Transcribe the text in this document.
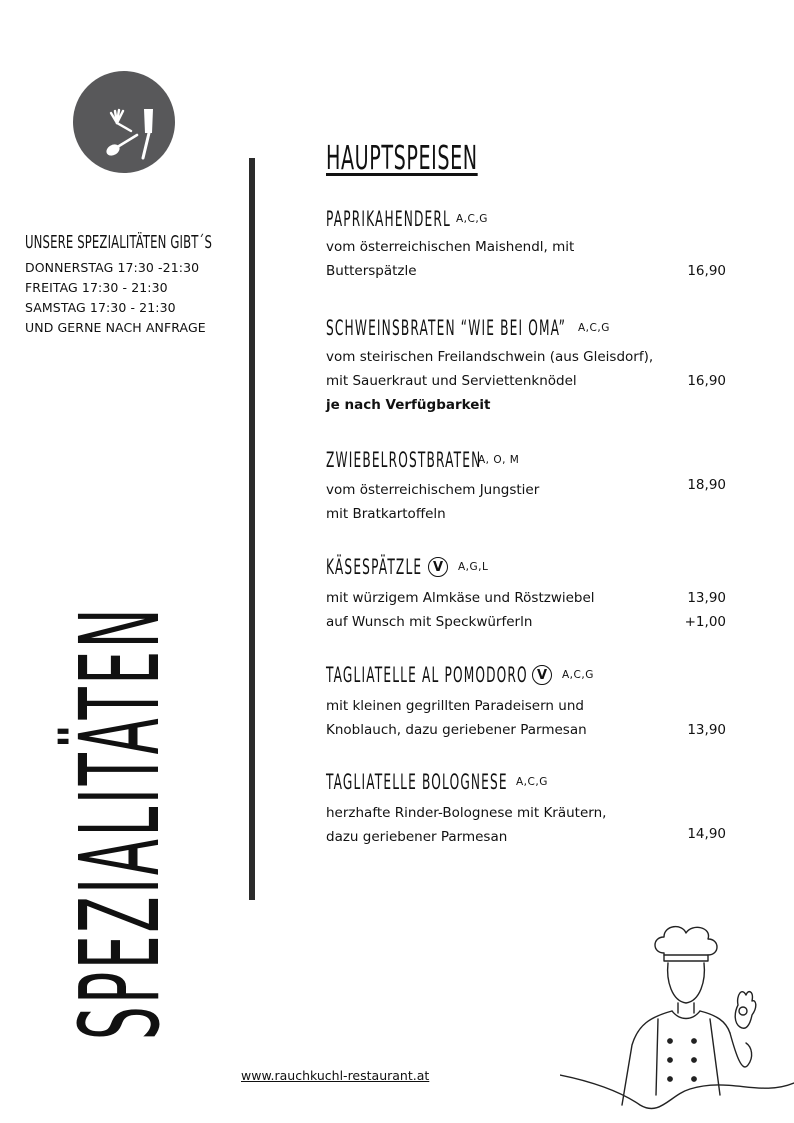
UNSERE SPEZIALITÄTEN GIBT´S
DONNERSTAG 17:30 -21:30
FREITAG 17:30 - 21:30
SAMSTAG 17:30 - 21:30
UND GERNE NACH ANFRAGE
SPEZIALITÄTEN
HAUPTSPEISEN
PAPRIKAHENDERL A,C,G
vom österreichischen Maishendl, mit
Butterspätzle	16,90
SCHWEINSBRATEN “WIE BEI OMA” A,C,G
vom steirischen Freilandschwein (aus Gleisdorf),
mit Sauerkraut und Serviettenknödel	16,90
je nach Verfügbarkeit
ZWIEBELROSTBRATEN
A, O, M
vom österreichischem Jungstier	18,90
mit Bratkartoffeln
KÄSESPÄTZLE V	A,G,L
mit würzigem Almkäse und Röstzwiebel	13,90
auf Wunsch mit Speckwürferln	+1,00
TAGLIATELLE AL POMODORO V	A,C,G
mit kleinen gegrillten Paradeisern und
Knoblauch, dazu geriebener Parmesan	13,90
TAGLIATELLE BOLOGNESE A,C,G
herzhafte Rinder-Bolognese mit Kräutern,
dazu geriebener Parmesan	14,90
www.rauchkuchl-restaurant.at
